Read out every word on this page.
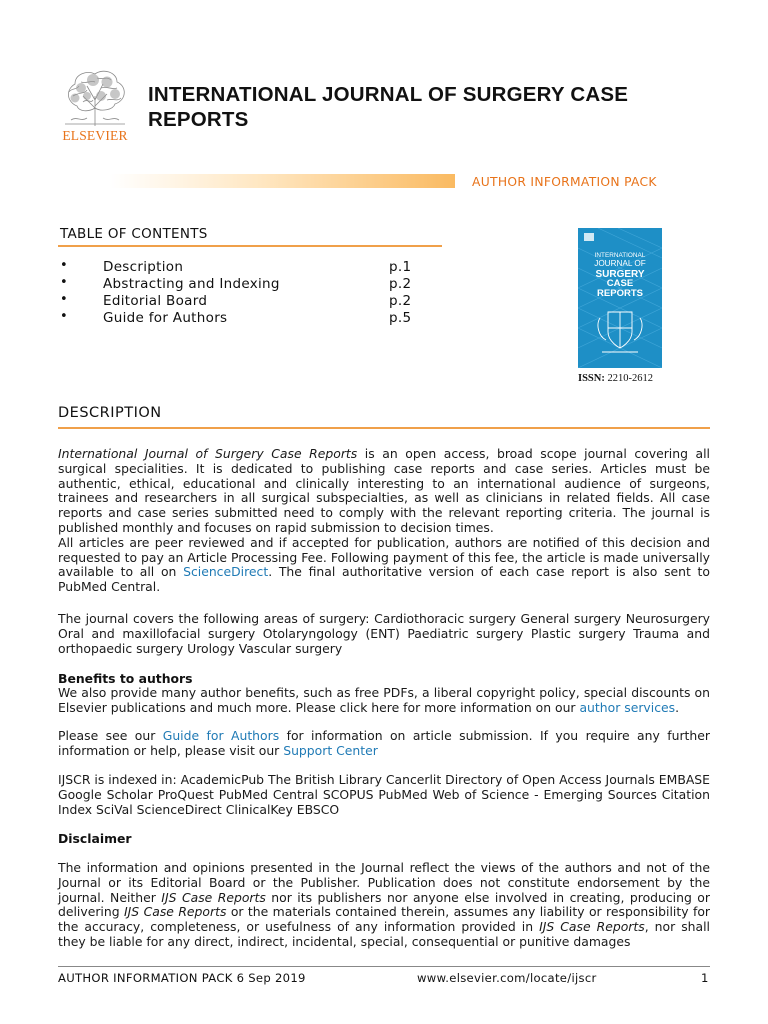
ELSEVIER
INTERNATIONAL JOURNAL OF SURGERY CASE
REPORTS
AUTHOR INFORMATION PACK
TABLE OF CONTENTS
•	Description	p.1
•	Abstracting and Indexing	p.2
•	Editorial Board	p.2
•	Guide for Authors	p.5
INTERNATIONAL
JOURNAL OF
SURGERY
CASE
REPORTS
ISSN: 2210-2612
DESCRIPTION

International Journal of Surgery Case Reports is an open access, broad scope journal covering all surgical specialities. It is dedicated to publishing case reports and case series. Articles must be authentic, ethical, educational and clinically interesting to an international audience of surgeons, trainees and researchers in all surgical subspecialties, as well as clinicians in related fields. All case reports and case series submitted need to comply with the relevant reporting criteria. The journal is published monthly and focuses on rapid submission to decision times.
All articles are peer reviewed and if accepted for publication, authors are notified of this decision and requested to pay an Article Processing Fee. Following payment of this fee, the article is made universally available to all on ScienceDirect. The final authoritative version of each case report is also sent to PubMed Central.

The journal covers the following areas of surgery: Cardiothoracic surgery General surgery Neurosurgery Oral and maxillofacial surgery Otolaryngology (ENT) Paediatric surgery Plastic surgery Trauma and orthopaedic surgery Urology Vascular surgery

Benefits to authors

We also provide many author benefits, such as free PDFs, a liberal copyright policy, special discounts on Elsevier publications and much more. Please click here for more information on our author services.

Please see our Guide for Authors for information on article submission. If you require any further information or help, please visit our Support Center

IJSCR is indexed in: AcademicPub The British Library Cancerlit Directory of Open Access Journals EMBASE Google Scholar ProQuest PubMed Central SCOPUS PubMed Web of Science - Emerging Sources Citation Index SciVal ScienceDirect ClinicalKey EBSCO

Disclaimer

The information and opinions presented in the Journal reflect the views of the authors and not of the Journal or its Editorial Board or the Publisher. Publication does not constitute endorsement by the journal. Neither IJS Case Reports nor its publishers nor anyone else involved in creating, producing or delivering IJS Case Reports or the materials contained therein, assumes any liability or responsibility for the accuracy, completeness, or usefulness of any information provided in IJS Case Reports, nor shall they be liable for any direct, indirect, incidental, special, consequential or punitive damages

AUTHOR INFORMATION PACK 6 Sep 2019	www.elsevier.com/locate/ijscr	1
